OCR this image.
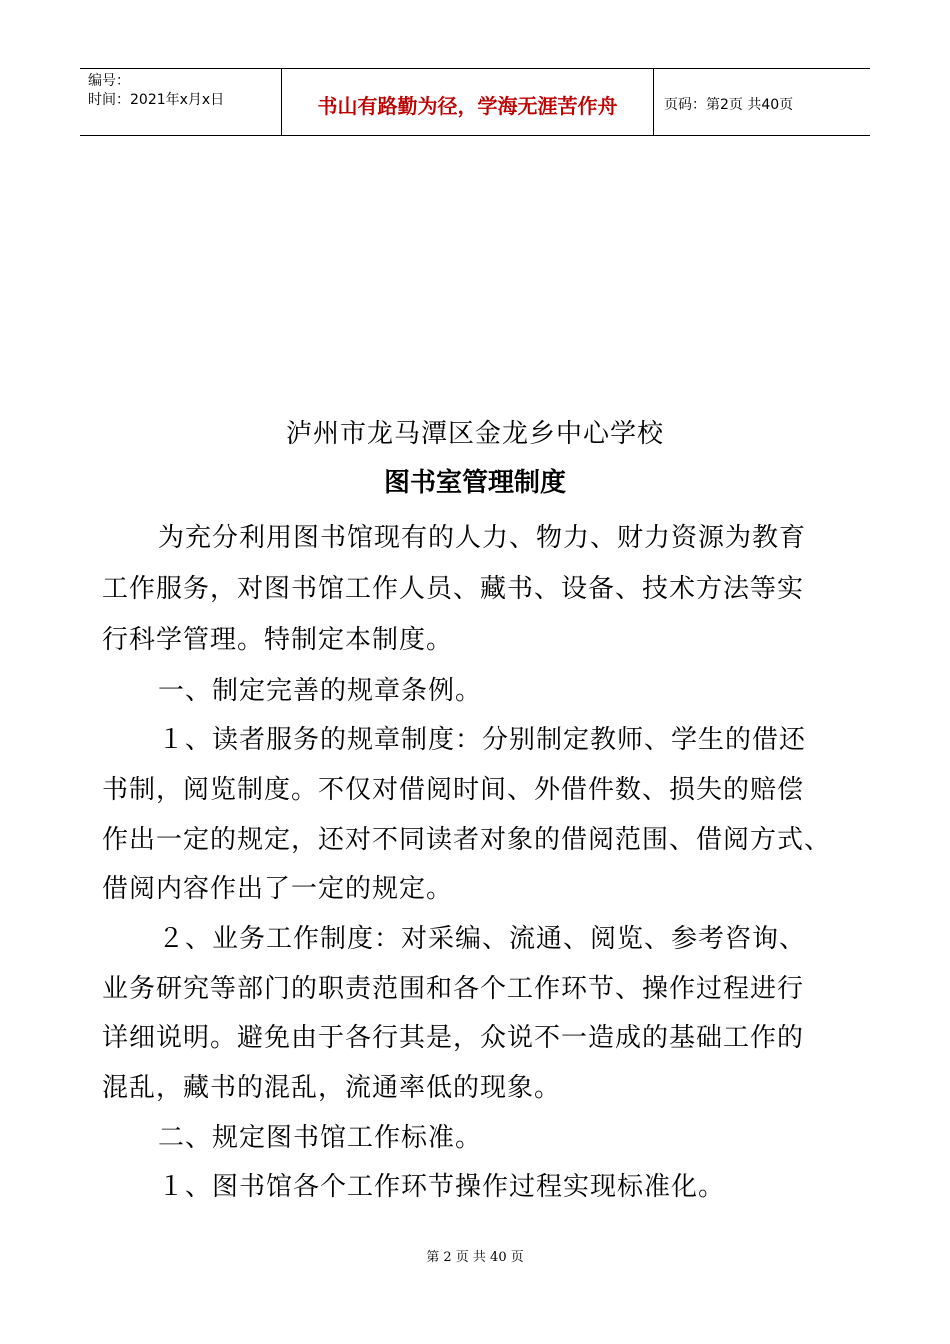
编号：
时间：2021年x月x日	书山有路勤为径，学海无涯苦作舟	页码：第2页 共40页
泸州市龙马潭区金龙乡中心学校
图书室管理制度
为充分利用图书馆现有的人力、物力、财力资源为教育
工作服务，对图书馆工作人员、藏书、设备、技术方法等实
行科学管理。特制定本制度。
一、制定完善的规章条例。
１、读者服务的规章制度：分别制定教师、学生的借还
书制，阅览制度。不仅对借阅时间、外借件数、损失的赔偿
作出一定的规定，还对不同读者对象的借阅范围、借阅方式、
借阅内容作出了一定的规定。
２、业务工作制度：对采编、流通、阅览、参考咨询、
业务研究等部门的职责范围和各个工作环节、操作过程进行
详细说明。避免由于各行其是，众说不一造成的基础工作的
混乱，藏书的混乱，流通率低的现象。
二、规定图书馆工作标准。
１、图书馆各个工作环节操作过程实现标准化。
第 2 页 共 40 页
